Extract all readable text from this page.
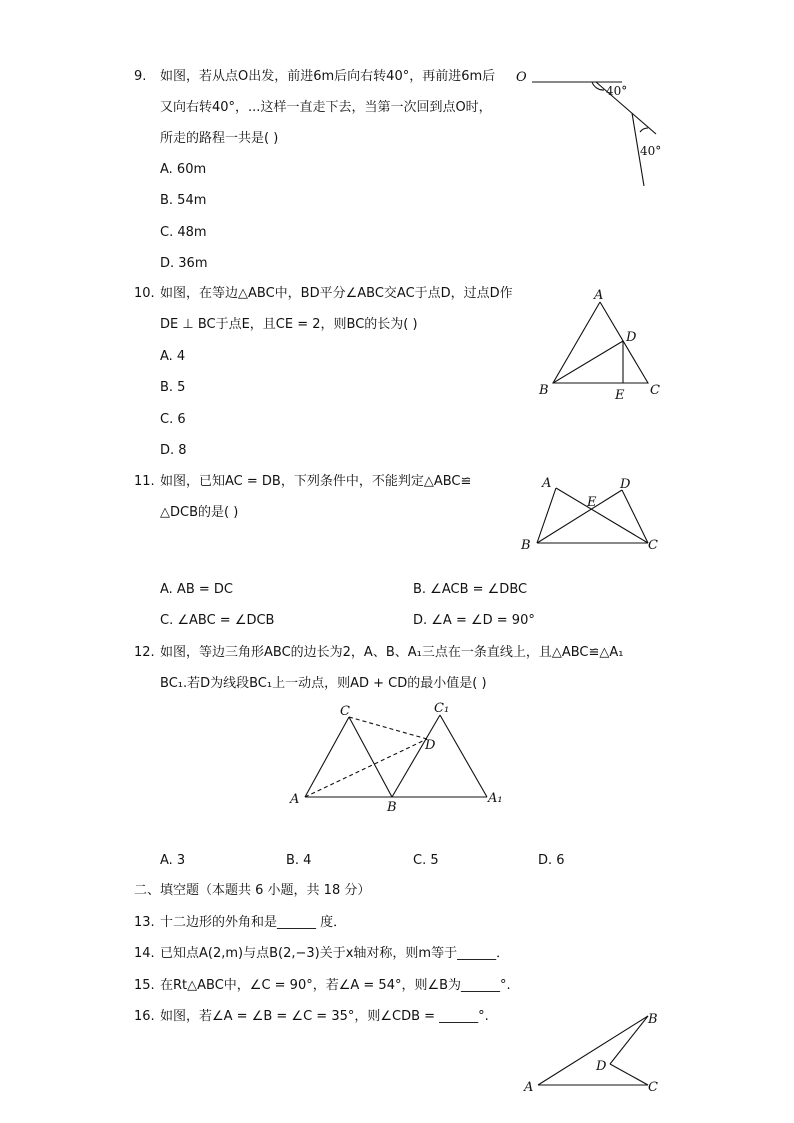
9. 如图，若从点O出发，前进6m后向右转40°，再前进6m后
又向右转40°，...这样一直走下去，当第一次回到点O时，
所走的路程一共是( )
A. 60m
B. 54m
C. 48m
D. 36m
O
40°
40°
10. 如图，在等边△ABC中，BD平分∠ABC交AC于点D，过点D作
DE ⊥ BC于点E，且CE = 2，则BC的长为( )
A. 4
B. 5
C. 6
D. 8
A
B	C
D
E
11. 如图，已知AC = DB，下列条件中，不能判定△ABC≌
△DCB的是( )
A. AB = DC	B. ∠ACB = ∠DBC
C. ∠ABC = ∠DCB	D. ∠A = ∠D = 90°
A
B	C
D
E
12. 如图，等边三角形ABC的边长为2，A、B、A₁三点在一条直线上，且△ABC≌△A₁
BC₁.若D为线段BC₁上一动点，则AD + CD的最小值是( )
A
B
C	C₁
D
A₁
A. 3	B. 4	C. 5	D. 6
二、填空题（本题共 6 小题，共 18 分）
13. 十二边形的外角和是______ 度．
14. 已知点A(2,m)与点B(2,−3)关于x轴对称，则m等于______．
15. 在Rt△ABC中，∠C = 90°，若∠A = 54°，则∠B为______°.
16. 如图，若∠A = ∠B = ∠C = 35°，则∠CDB = ______°.
A
B
C
D
